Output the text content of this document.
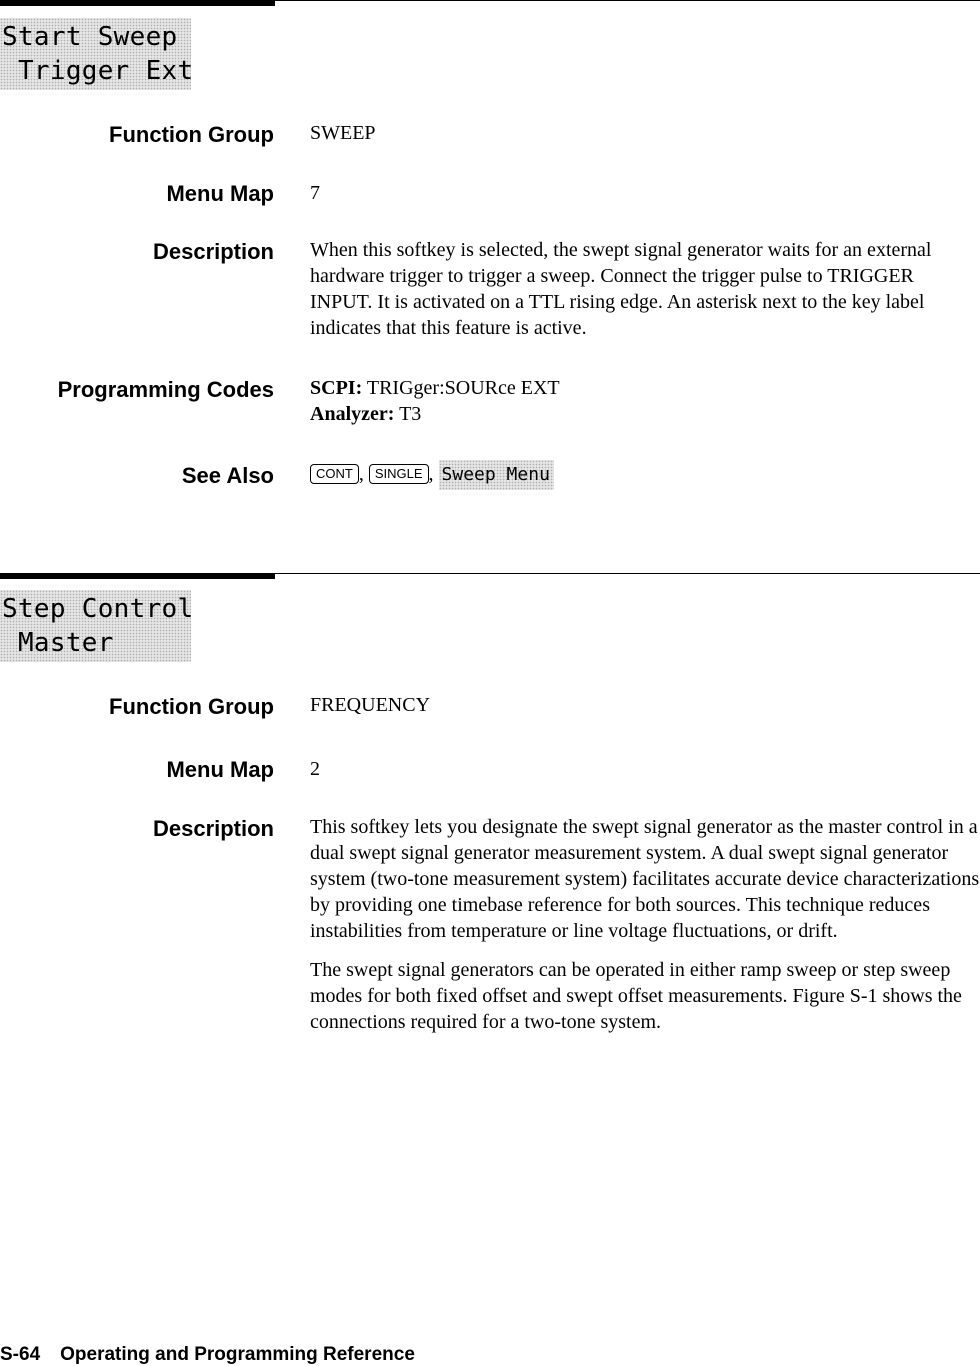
Start Sweep
Trigger Ext
Function Group SWEEP
Menu Map 7
Description When this softkey is selected, the swept signal generator waits for an external hardware trigger to trigger a sweep. Connect the trigger pulse to TRIGGER INPUT. It is activated on a TTL rising edge. An asterisk next to the key label indicates that this feature is active.

Programming Codes SCPI: TRIGger:SOURce EXT
Analyzer: T3
See Also	CONT , SINGLE , Sweep Menu
Step Control
Master
Function Group FREQUENCY
Menu Map 2
Description This softkey lets you designate the swept signal generator as the master control in a dual swept signal generator measurement system. A dual swept signal generator system (two-tone measurement system) facilitates accurate device characterizations by providing one timebase reference for both sources. This technique reduces instabilities from temperature or line voltage fluctuations, or drift.

The swept signal generators can be operated in either ramp sweep or step sweep modes for both fixed offset and swept offset measurements. Figure S-1 shows the connections required for a two-tone system.

S-64 Operating and Programming Reference
